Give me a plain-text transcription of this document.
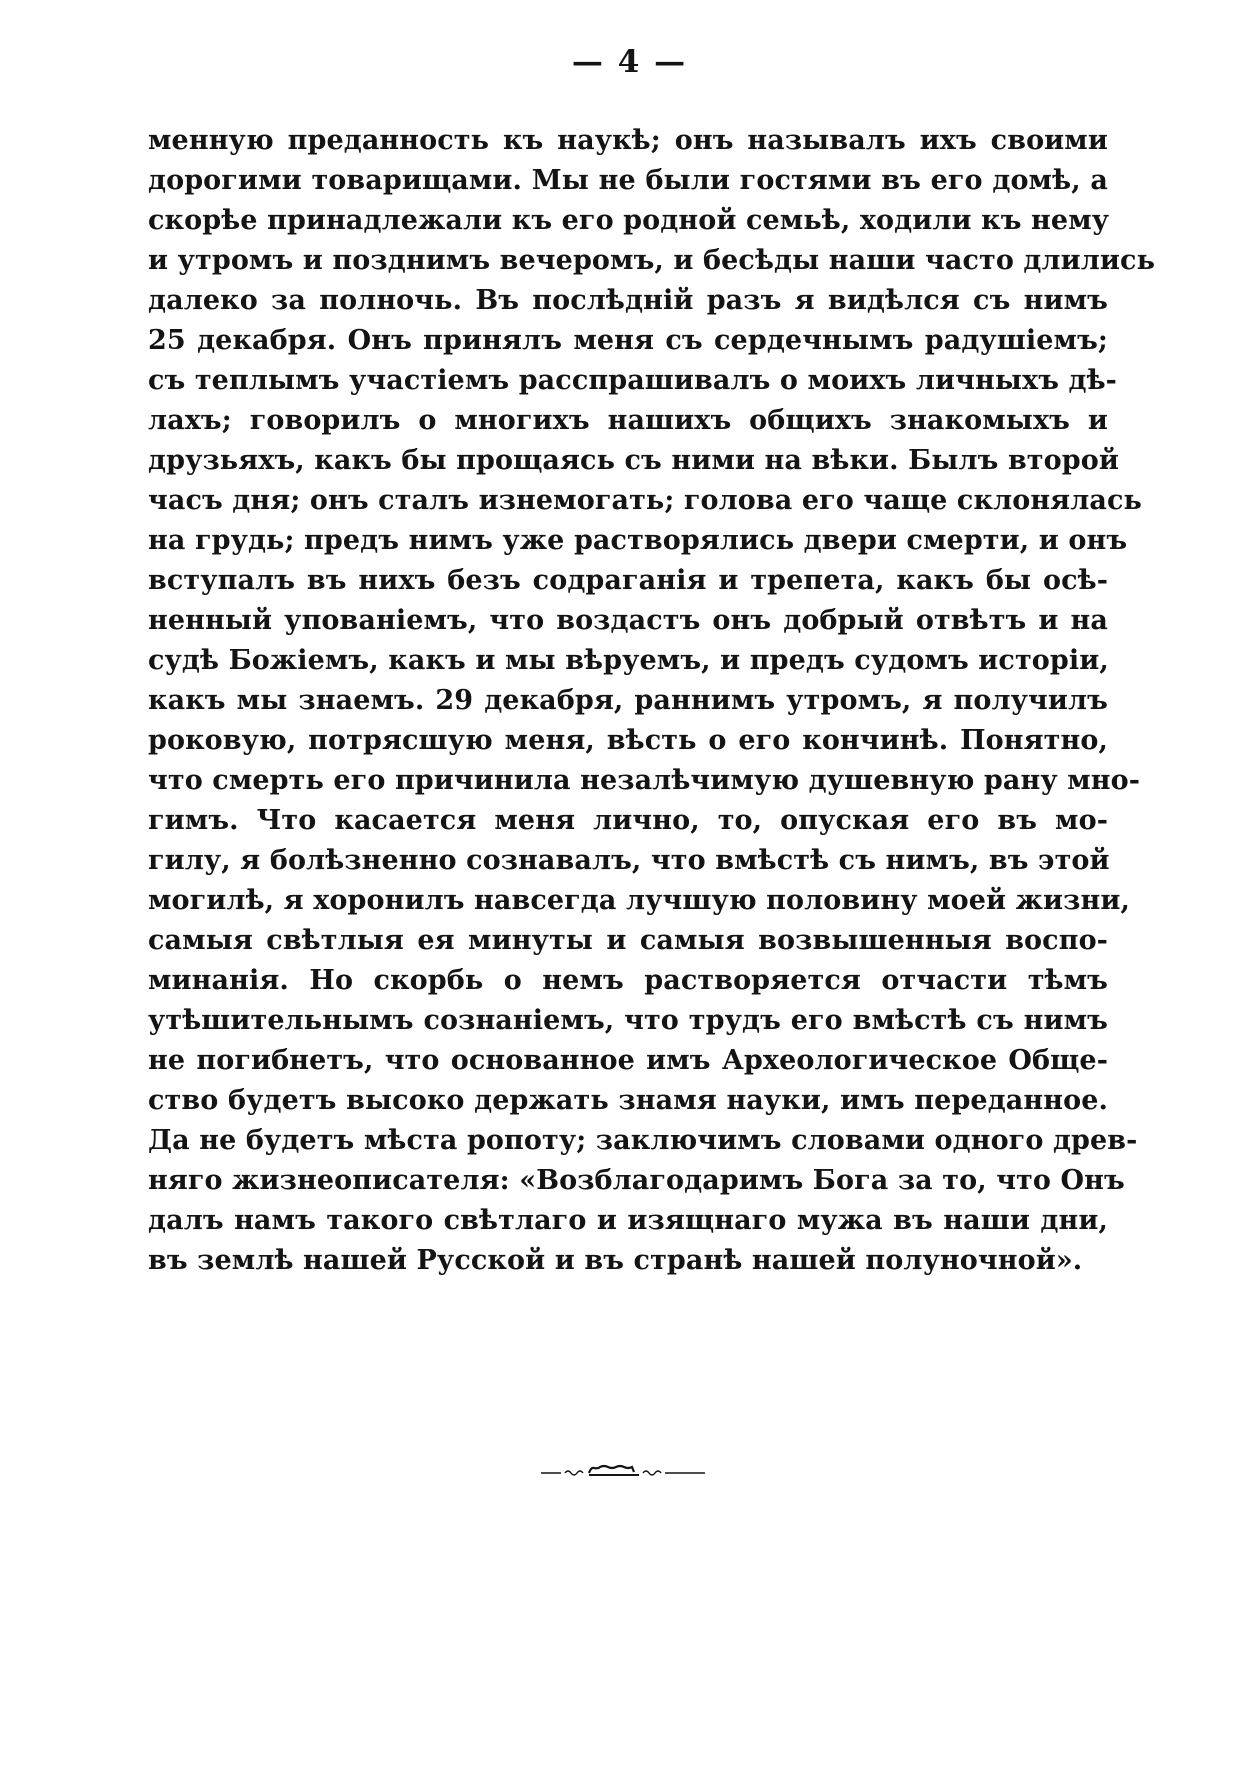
— 4 —
менную преданность къ наукѣ; онъ называлъ ихъ своими
дорогими товарищами. Мы не были гостями въ его домѣ, а
скорѣе принадлежали къ его родной семьѣ, ходили къ нему
и утромъ и позднимъ вечеромъ, и бесѣды наши часто длились
далеко за полночь. Въ послѣдній разъ я видѣлся съ нимъ
25 декабря. Онъ принялъ меня съ сердечнымъ радушіемъ;
съ теплымъ участіемъ расспрашивалъ о моихъ личныхъ дѣ-
лахъ; говорилъ о многихъ нашихъ общихъ знакомыхъ и
друзьяхъ, какъ бы прощаясь съ ними на вѣки. Былъ второй
часъ дня; онъ сталъ изнемогать; голова его чаще склонялась
на грудь; предъ нимъ уже растворялись двери смерти, и онъ
вступалъ въ нихъ безъ содраганія и трепета, какъ бы осѣ-
ненный упованіемъ, что воздастъ онъ добрый отвѣтъ и на
судѣ Божіемъ, какъ и мы вѣруемъ, и предъ судомъ исторіи,
какъ мы знаемъ. 29 декабря, раннимъ утромъ, я получилъ
роковую, потрясшую меня, вѣсть о его кончинѣ. Понятно,
что смерть его причинила незалѣчимую душевную рану мно-
гимъ. Что касается меня лично, то, опуская его въ мо-
гилу, я болѣзненно сознавалъ, что вмѣстѣ съ нимъ, въ этой
могилѣ, я хоронилъ навсегда лучшую половину моей жизни,
самыя свѣтлыя ея минуты и самыя возвышенныя воспо-
минанія. Но скорбь о немъ растворяется отчасти тѣмъ
утѣшительнымъ сознаніемъ, что трудъ его вмѣстѣ съ нимъ
не погибнетъ, что основанное имъ Археологическое Обще-
ство будетъ высоко держать знамя науки, имъ переданное.
Да не будетъ мѣста ропоту; заключимъ словами одного древ-
няго жизнеописателя: «Возблагодаримъ Бога за то, что Онъ
далъ намъ такого свѣтлаго и изящнаго мужа въ наши дни,
въ землѣ нашей Русской и въ странѣ нашей полуночной».
